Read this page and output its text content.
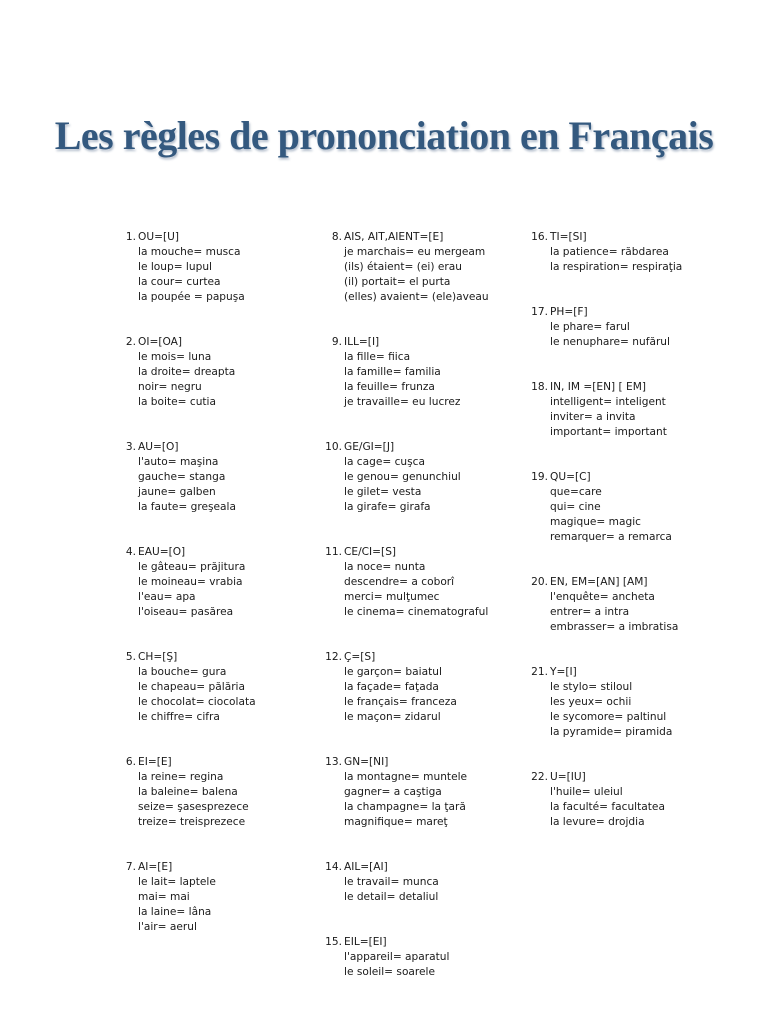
Les règles de prononciation en Français
1. OU=[U]
la mouche= musca
le loup= lupul
la cour= curtea
la poupée = papuşa
2. OI=[OA]
le mois= luna
la droite= dreapta
noir= negru
la boite= cutia
3. AU=[O]
l'auto= maşina
gauche= stanga
jaune= galben
la faute= greşeala
4. EAU=[O]
le gâteau= prăjitura
le moineau= vrabia
l'eau= apa
l'oiseau= pasărea
5. CH=[Ş]
la bouche= gura
le chapeau= pălăria
le chocolat= ciocolata
le chiffre= cifra
6. EI=[E]
la reine= regina
la baleine= balena
seize= şasesprezece
treize= treisprezece
7. AI=[E]
le lait= laptele
mai= mai
la laine= lâna
l'air= aerul
8. AIS, AIT,AIENT=[E]
je marchais= eu mergeam
(ils) étaient= (ei) erau
(il) portait= el purta
(elles) avaient= (ele)aveau
9. ILL=[I]
la fille= fiica
la famille= familia
la feuille= frunza
je travaille= eu lucrez
10. GE/GI=[J]
la cage= cuşca
le genou= genunchiul
le gilet= vesta
la girafe= girafa
11. CE/CI=[S]
la noce= nunta
descendre= a coborî
merci= mulţumec
le cinema= cinematograful
12. Ç=[S]
le garçon= baiatul
la façade= faţada
le français= franceza
le maçon= zidarul
13. GN=[NI]
la montagne= muntele
gagner= a caştiga
la champagne= la ţară
magnifique= mareţ
14. AIL=[AI]
le travail= munca
le detail= detaliul
15. EIL=[EI]
l'appareil= aparatul
le soleil= soarele
16. TI=[SI]
la patience= răbdarea
la respiration= respiraţia
17. PH=[F]
le phare= farul
le nenuphare= nufărul
18. IN, IM =[EN] [ EM]
intelligent= inteligent
inviter= a invita
important= important
19. QU=[C]
que=care
qui= cine
magique= magic
remarquer= a remarca
20. EN, EM=[AN] [AM]
l'enquête= ancheta
entrer= a intra
embrasser= a imbratisa
21. Y=[I]
le stylo= stiloul
les yeux= ochii
le sycomore= paltinul
la pyramide= piramida
22. U=[IU]
l'huile= uleiul
la faculté= facultatea
la levure= drojdia
